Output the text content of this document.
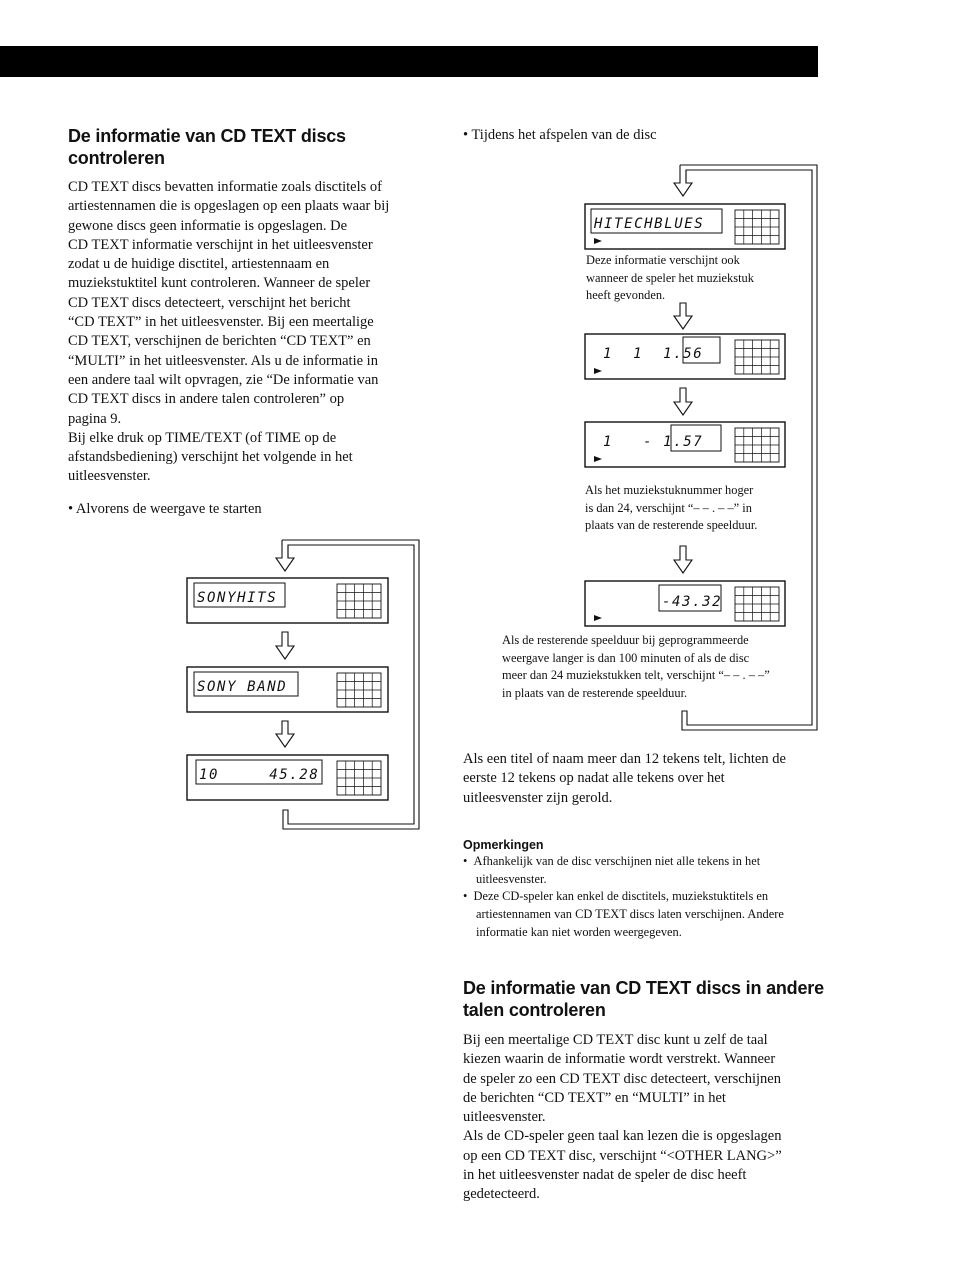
De informatie van CD TEXT discs
controleren

CD TEXT discs bevatten informatie zoals disctitels of
artiestennamen die is opgeslagen op een plaats waar bij
gewone discs geen informatie is opgeslagen. De
CD TEXT informatie verschijnt in het uitleesvenster
zodat u de huidige disctitel, artiestennaam en
muziekstuktitel kunt controleren. Wanneer de speler
CD TEXT discs detecteert, verschijnt het bericht
“CD TEXT” in het uitleesvenster. Bij een meertalige
CD TEXT, verschijnen de berichten “CD TEXT” en
“MULTI” in het uitleesvenster. Als u de informatie in
een andere taal wilt opvragen, zie “De informatie van
CD TEXT discs in andere talen controleren” op
pagina 9.
Bij elke druk op TIME/TEXT (of TIME op de
afstandsbediening) verschijnt het volgende in het
uitleesvenster.

• Alvorens de weergave te starten
SONYHITS
SONY BAND
10     45.28
• Tijdens het afspelen van de disc
HITECHBLUES
1  1  1.56
1   - 1.57
-43.32

Deze informatie verschijnt ook
wanneer de speler het muziekstuk
heeft gevonden.

Als het muziekstuknummer hoger
is dan 24, verschijnt “– – . – –” in
plaats van de resterende speelduur.

Als de resterende speelduur bij geprogrammeerde
weergave langer is dan 100 minuten of als de disc
meer dan 24 muziekstukken telt, verschijnt “– – . – –”
in plaats van de resterende speelduur.

Als een titel of naam meer dan 12 tekens telt, lichten de
eerste 12 tekens op nadat alle tekens over het
uitleesvenster zijn gerold.

Opmerkingen

•  Afhankelijk van de disc verschijnen niet alle tekens in het uitleesvenster.
•  Deze CD-speler kan enkel de disctitels, muziekstuktitels en artiestennamen van CD TEXT discs laten verschijnen. Andere informatie kan niet worden weergegeven.
De informatie van CD TEXT discs in andere
talen controleren

Bij een meertalige CD TEXT disc kunt u zelf de taal
kiezen waarin de informatie wordt verstrekt. Wanneer
de speler zo een CD TEXT disc detecteert, verschijnen
de berichten “CD TEXT” en “MULTI” in het
uitleesvenster.
Als de CD-speler geen taal kan lezen die is opgeslagen
op een CD TEXT disc, verschijnt “<OTHER LANG>”
in het uitleesvenster nadat de speler de disc heeft
gedetecteerd.
